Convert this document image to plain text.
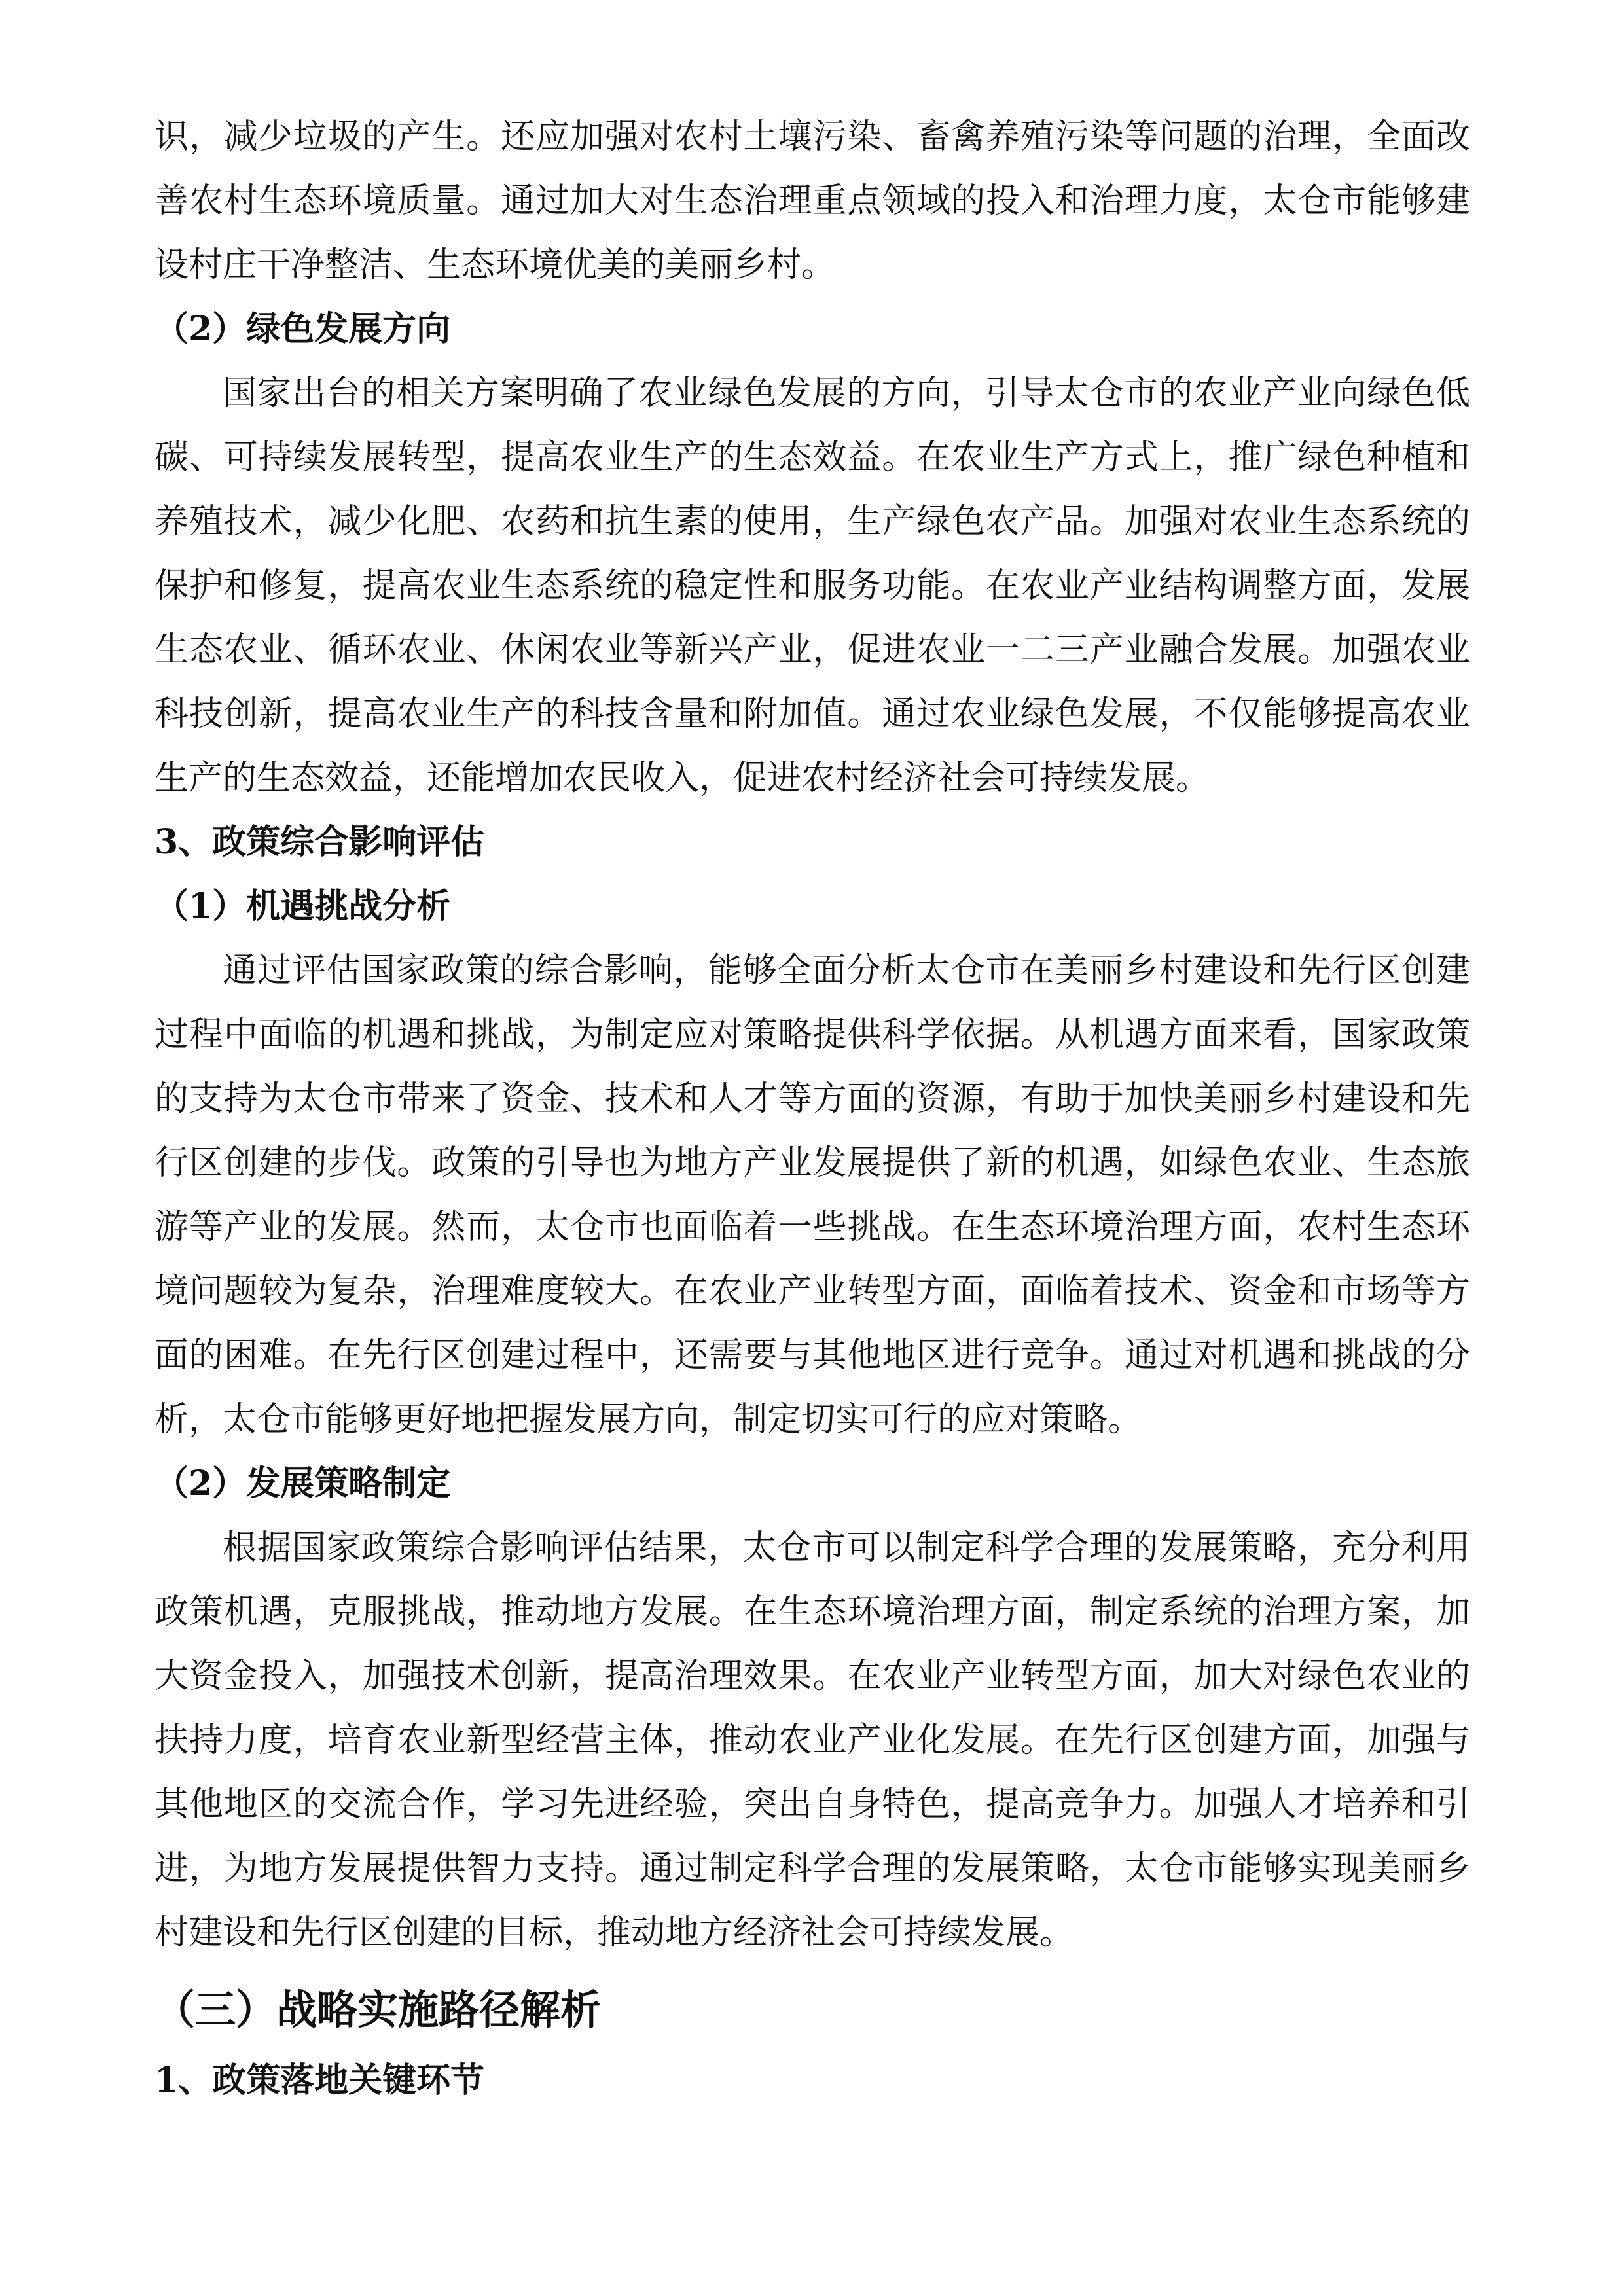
识，减少垃圾的产生。还应加强对农村土壤污染、畜禽养殖污染等问题的治理，全面改善农村生态环境质量。通过加大对生态治理重点领域的投入和治理力度，太仓市能够建设村庄干净整洁、生态环境优美的美丽乡村。

（2）绿色发展方向

国家出台的相关方案明确了农业绿色发展的方向，引导太仓市的农业产业向绿色低碳、可持续发展转型，提高农业生产的生态效益。在农业生产方式上，推广绿色种植和养殖技术，减少化肥、农药和抗生素的使用，生产绿色农产品。加强对农业生态系统的保护和修复，提高农业生态系统的稳定性和服务功能。在农业产业结构调整方面，发展生态农业、循环农业、休闲农业等新兴产业，促进农业一二三产业融合发展。加强农业科技创新，提高农业生产的科技含量和附加值。通过农业绿色发展，不仅能够提高农业生产的生态效益，还能增加农民收入，促进农村经济社会可持续发展。

3、政策综合影响评估

（1）机遇挑战分析

通过评估国家政策的综合影响，能够全面分析太仓市在美丽乡村建设和先行区创建过程中面临的机遇和挑战，为制定应对策略提供科学依据。从机遇方面来看，国家政策的支持为太仓市带来了资金、技术和人才等方面的资源，有助于加快美丽乡村建设和先行区创建的步伐。政策的引导也为地方产业发展提供了新的机遇，如绿色农业、生态旅游等产业的发展。然而，太仓市也面临着一些挑战。在生态环境治理方面，农村生态环境问题较为复杂，治理难度较大。在农业产业转型方面，面临着技术、资金和市场等方面的困难。在先行区创建过程中，还需要与其他地区进行竞争。通过对机遇和挑战的分析，太仓市能够更好地把握发展方向，制定切实可行的应对策略。

（2）发展策略制定

根据国家政策综合影响评估结果，太仓市可以制定科学合理的发展策略，充分利用政策机遇，克服挑战，推动地方发展。在生态环境治理方面，制定系统的治理方案，加大资金投入，加强技术创新，提高治理效果。在农业产业转型方面，加大对绿色农业的扶持力度，培育农业新型经营主体，推动农业产业化发展。在先行区创建方面，加强与其他地区的交流合作，学习先进经验，突出自身特色，提高竞争力。加强人才培养和引进，为地方发展提供智力支持。通过制定科学合理的发展策略，太仓市能够实现美丽乡村建设和先行区创建的目标，推动地方经济社会可持续发展。

（三）战略实施路径解析

1、政策落地关键环节
